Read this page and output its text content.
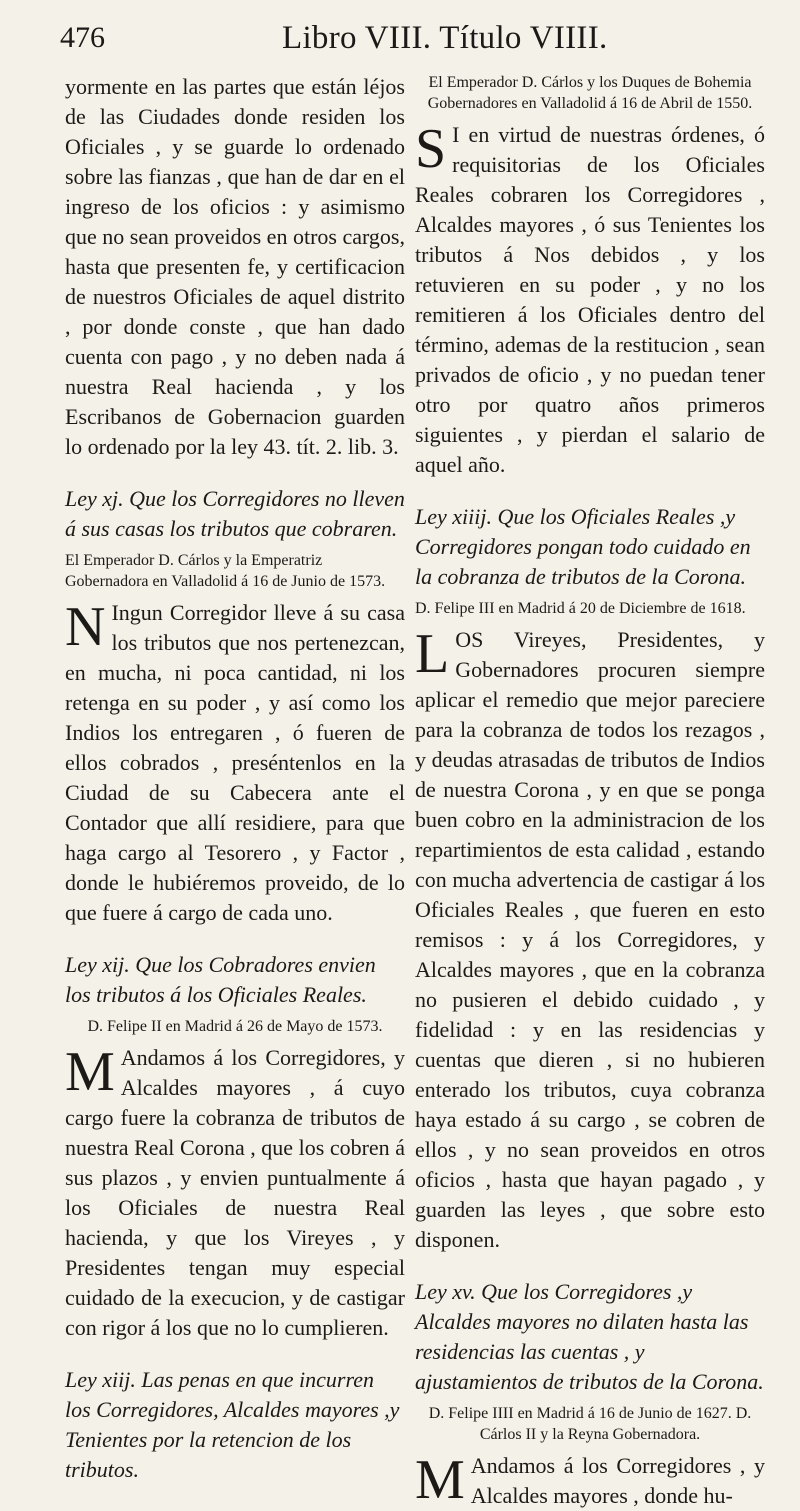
476	Libro VIII. Título VIIII.

yormente en las partes que están léjos de las Ciudades donde residen los Oficiales , y se guarde lo ordenado sobre las fianzas , que han de dar en el ingreso de los oficios : y asimismo que no sean proveidos en otros cargos, hasta que presenten fe, y certificacion de nuestros Oficiales de aquel distrito , por donde conste , que han dado cuenta con pago , y no deben nada á nuestra Real hacienda , y los Escribanos de Gobernacion guarden lo ordenado por la ley 43. tít. 2. lib. 3.

Ley xj. Que los Corregidores no lleven á sus casas los tributos que cobraren.

El Emperador D. Cárlos y la Emperatriz Gobernadora en Valladolid á 16 de Junio de 1573.

N Ingun Corregidor lleve á su casa los tributos que nos pertenezcan, en mucha, ni poca cantidad, ni los retenga en su poder , y así como los Indios los entregaren , ó fueren de ellos cobrados , preséntenlos en la Ciudad de su Cabecera ante el Contador que allí residiere, para que haga cargo al Tesorero , y Factor , donde le hubiéremos proveido, de lo que fuere á cargo de cada uno.

Ley xij. Que los Cobradores envien los tributos á los Oficiales Reales.

D. Felipe II en Madrid á 26 de Mayo de 1573.

M Andamos á los Corregidores, y Alcaldes mayores , á cuyo cargo fuere la cobranza de tributos de nuestra Real Corona , que los cobren á sus plazos , y envien puntualmente á los Oficiales de nuestra Real hacienda, y que los Vireyes , y Presidentes tengan muy especial cuidado de la execucion, y de castigar con rigor á los que no lo cumplieren.

Ley xiij. Las penas en que incurren los Corregidores, Alcaldes mayores ,y Tenientes por la retencion de los tributos.

El Emperador D. Cárlos y los Duques de Bohemia Gobernadores en Valladolid á 16 de Abril de 1550.

S I en virtud de nuestras órdenes, ó requisitorias de los Oficiales Reales cobraren los Corregidores , Alcaldes mayores , ó sus Tenientes los tributos á Nos debidos , y los retuvieren en su poder , y no los remitieren á los Oficiales dentro del término, ademas de la restitucion , sean privados de oficio , y no puedan tener otro por quatro años primeros siguientes , y pierdan el salario de aquel año.

Ley xiiij. Que los Oficiales Reales ,y Corregidores pongan todo cuidado en la cobranza de tributos de la Corona.

D. Felipe III en Madrid á 20 de Diciembre de 1618.

LOS Vireyes, Presidentes, y Gobernadores procuren siempre aplicar el remedio que mejor pareciere para la cobranza de todos los rezagos , y deudas atrasadas de tributos de Indios de nuestra Corona , y en que se ponga buen cobro en la administracion de los repartimientos de esta calidad , estando con mucha advertencia de castigar á los Oficiales Reales , que fueren en esto remisos : y á los Corregidores, y Alcaldes mayores , que en la cobranza no pusieren el debido cuidado , y fidelidad : y en las residencias y cuentas que dieren , si no hubieren enterado los tributos, cuya cobranza haya estado á su cargo , se cobren de ellos , y no sean proveidos en otros oficios , hasta que hayan pagado , y guarden las leyes , que sobre esto disponen.

Ley xv. Que los Corregidores ,y Alcaldes mayores no dilaten hasta las residencias las cuentas , y ajustamientos de tributos de la Corona.

D. Felipe IIII en Madrid á 16 de Junio de 1627. D. Cárlos II y la Reyna Gobernadora.

M Andamos á los Corregidores , y Alcaldes mayores , donde hu-
